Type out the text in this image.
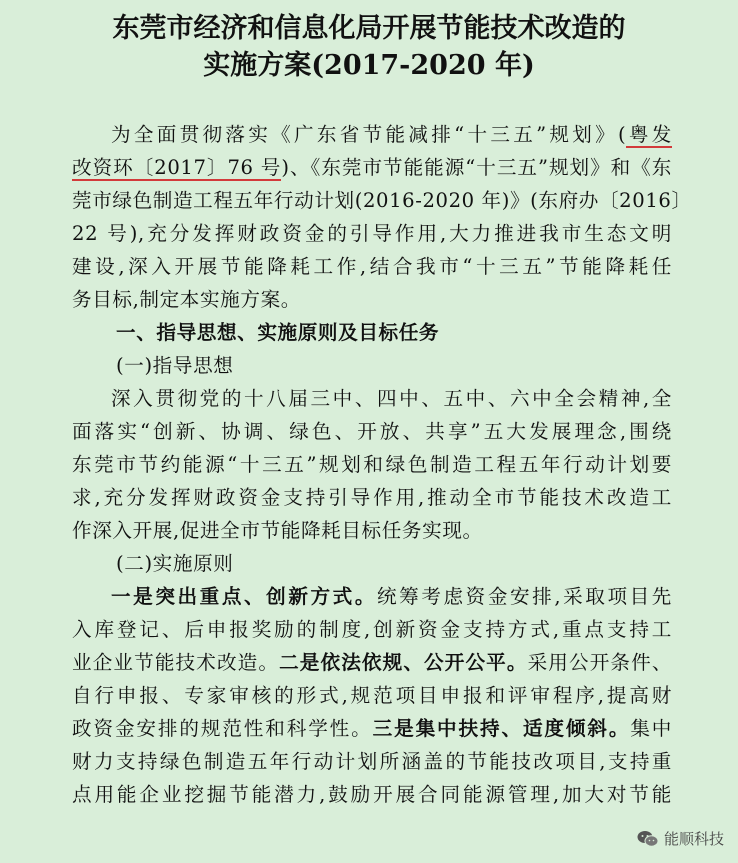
东莞市经济和信息化局开展节能技术改造的
实施方案(2017-2020 年)
为全面贯彻落实《广东省节能减排“十三五”规划》(粤发
改资环〔2017〕76 号)、《东莞市节能能源“十三五”规划》和《东
莞市绿色制造工程五年行动计划(2016-2020 年)》(东府办〔2016〕
22 号),充分发挥财政资金的引导作用,大力推进我市生态文明
建设,深入开展节能降耗工作,结合我市“十三五”节能降耗任
务目标,制定本实施方案。
一、指导思想、实施原则及目标任务
(一)指导思想
深入贯彻党的十八届三中、四中、五中、六中全会精神,全
面落实“创新、协调、绿色、开放、共享”五大发展理念,围绕
东莞市节约能源“十三五”规划和绿色制造工程五年行动计划要
求,充分发挥财政资金支持引导作用,推动全市节能技术改造工
作深入开展,促进全市节能降耗目标任务实现。
(二)实施原则
一是突出重点、创新方式。统筹考虑资金安排,采取项目先
入库登记、后申报奖励的制度,创新资金支持方式,重点支持工
业企业节能技术改造。二是依法依规、公开公平。采用公开条件、
自行申报、专家审核的形式,规范项目申报和评审程序,提高财
政资金安排的规范性和科学性。三是集中扶持、适度倾斜。集中
财力支持绿色制造五年行动计划所涵盖的节能技改项目,支持重
点用能企业挖掘节能潜力,鼓励开展合同能源管理,加大对节能
能顺科技
